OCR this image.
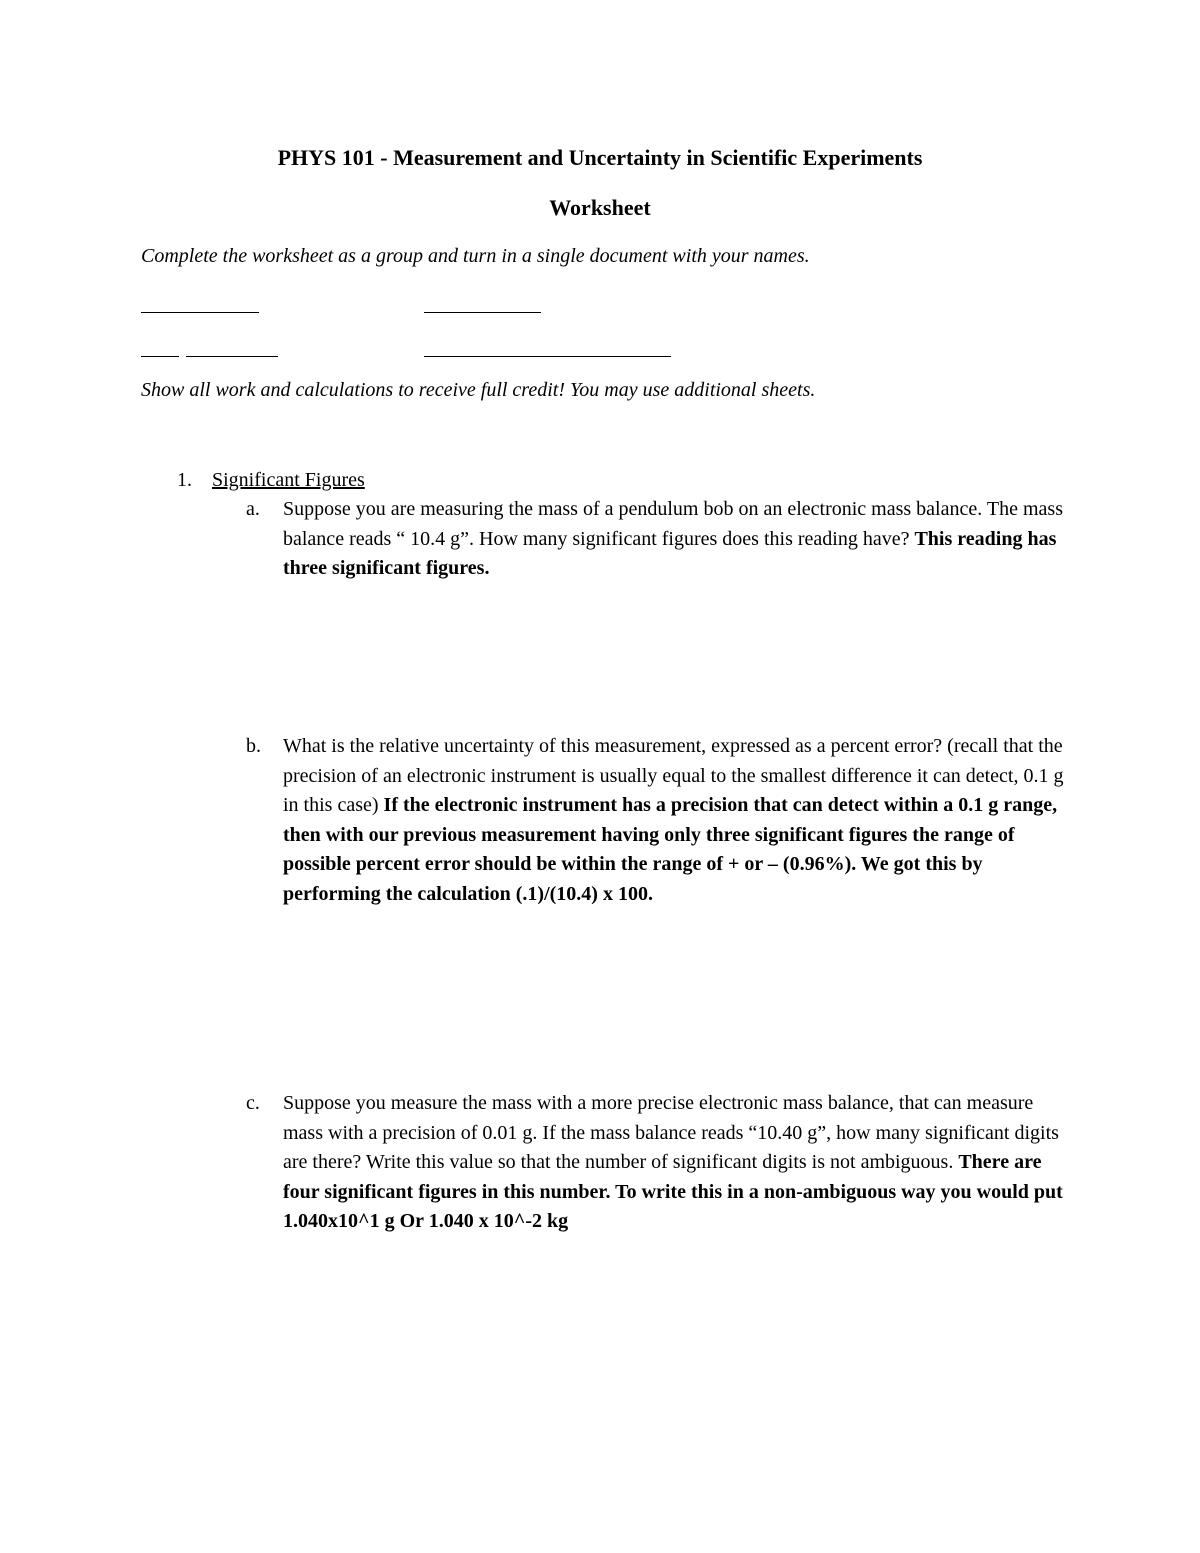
PHYS 101 - Measurement and Uncertainty in Scientific Experiments
Worksheet
Complete the worksheet as a group and turn in a single document with your names.
Show all work and calculations to receive full credit! You may use additional sheets.
1. Significant Figures
a. Suppose you are measuring the mass of a pendulum bob on an electronic mass balance. The mass balance reads “ 10.4 g”. How many significant figures does this reading have? This reading has three significant figures.
b. What is the relative uncertainty of this measurement, expressed as a percent error? (recall that the precision of an electronic instrument is usually equal to the smallest difference it can detect, 0.1 g in this case) If the electronic instrument has a precision that can detect within a 0.1 g range, then with our previous measurement having only three significant figures the range of possible percent error should be within the range of + or – (0.96%). We got this by performing the calculation (.1)/(10.4) x 100.
c. Suppose you measure the mass with a more precise electronic mass balance, that can measure mass with a precision of 0.01 g. If the mass balance reads “10.40 g”, how many significant digits are there? Write this value so that the number of significant digits is not ambiguous. There are four significant figures in this number. To write this in a non-ambiguous way you would put 1.040x10^1 g Or 1.040 x 10^-2 kg
